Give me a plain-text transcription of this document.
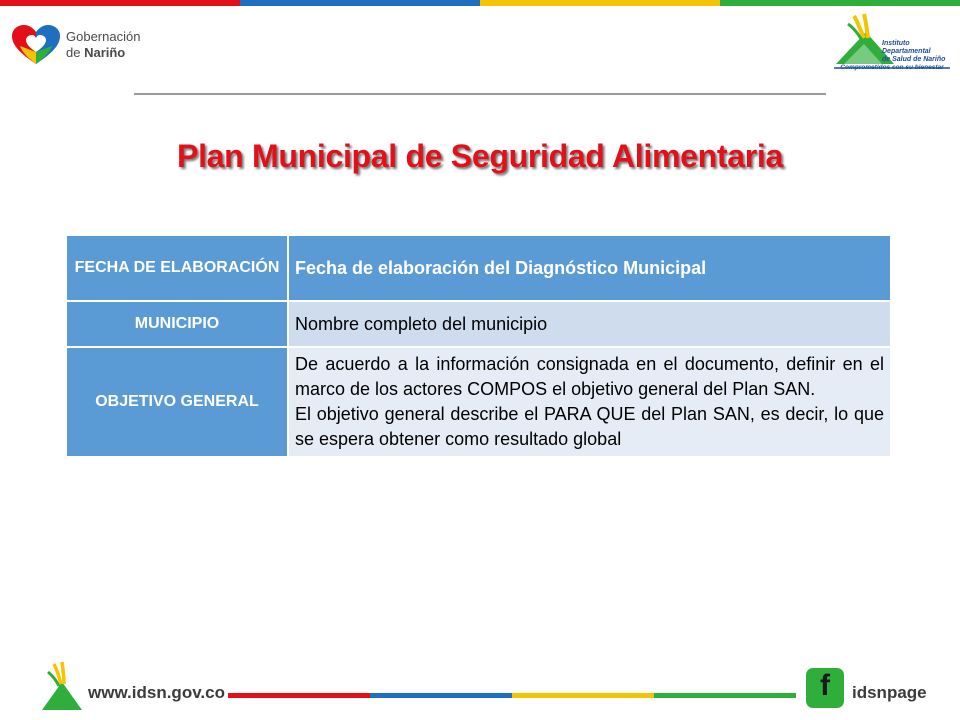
Gobernación
de Nariño
Instituto
Departamental
de Salud de Nariño
Comprometidos con su bienestar
Plan Municipal de Seguridad Alimentaria
FECHA DE ELABORACIÓN	Fecha de elaboración del Diagnóstico Municipal
MUNICIPIO	Nombre completo del municipio
OBJETIVO GENERAL	De acuerdo a la información consignada en el documento, definir en el marco de los actores COMPOS el objetivo general del Plan SAN.

El objetivo general describe el PARA QUE del Plan SAN, es decir, lo que se espera obtener como resultado global

www.idsn.gov.co	f	idsnpage
